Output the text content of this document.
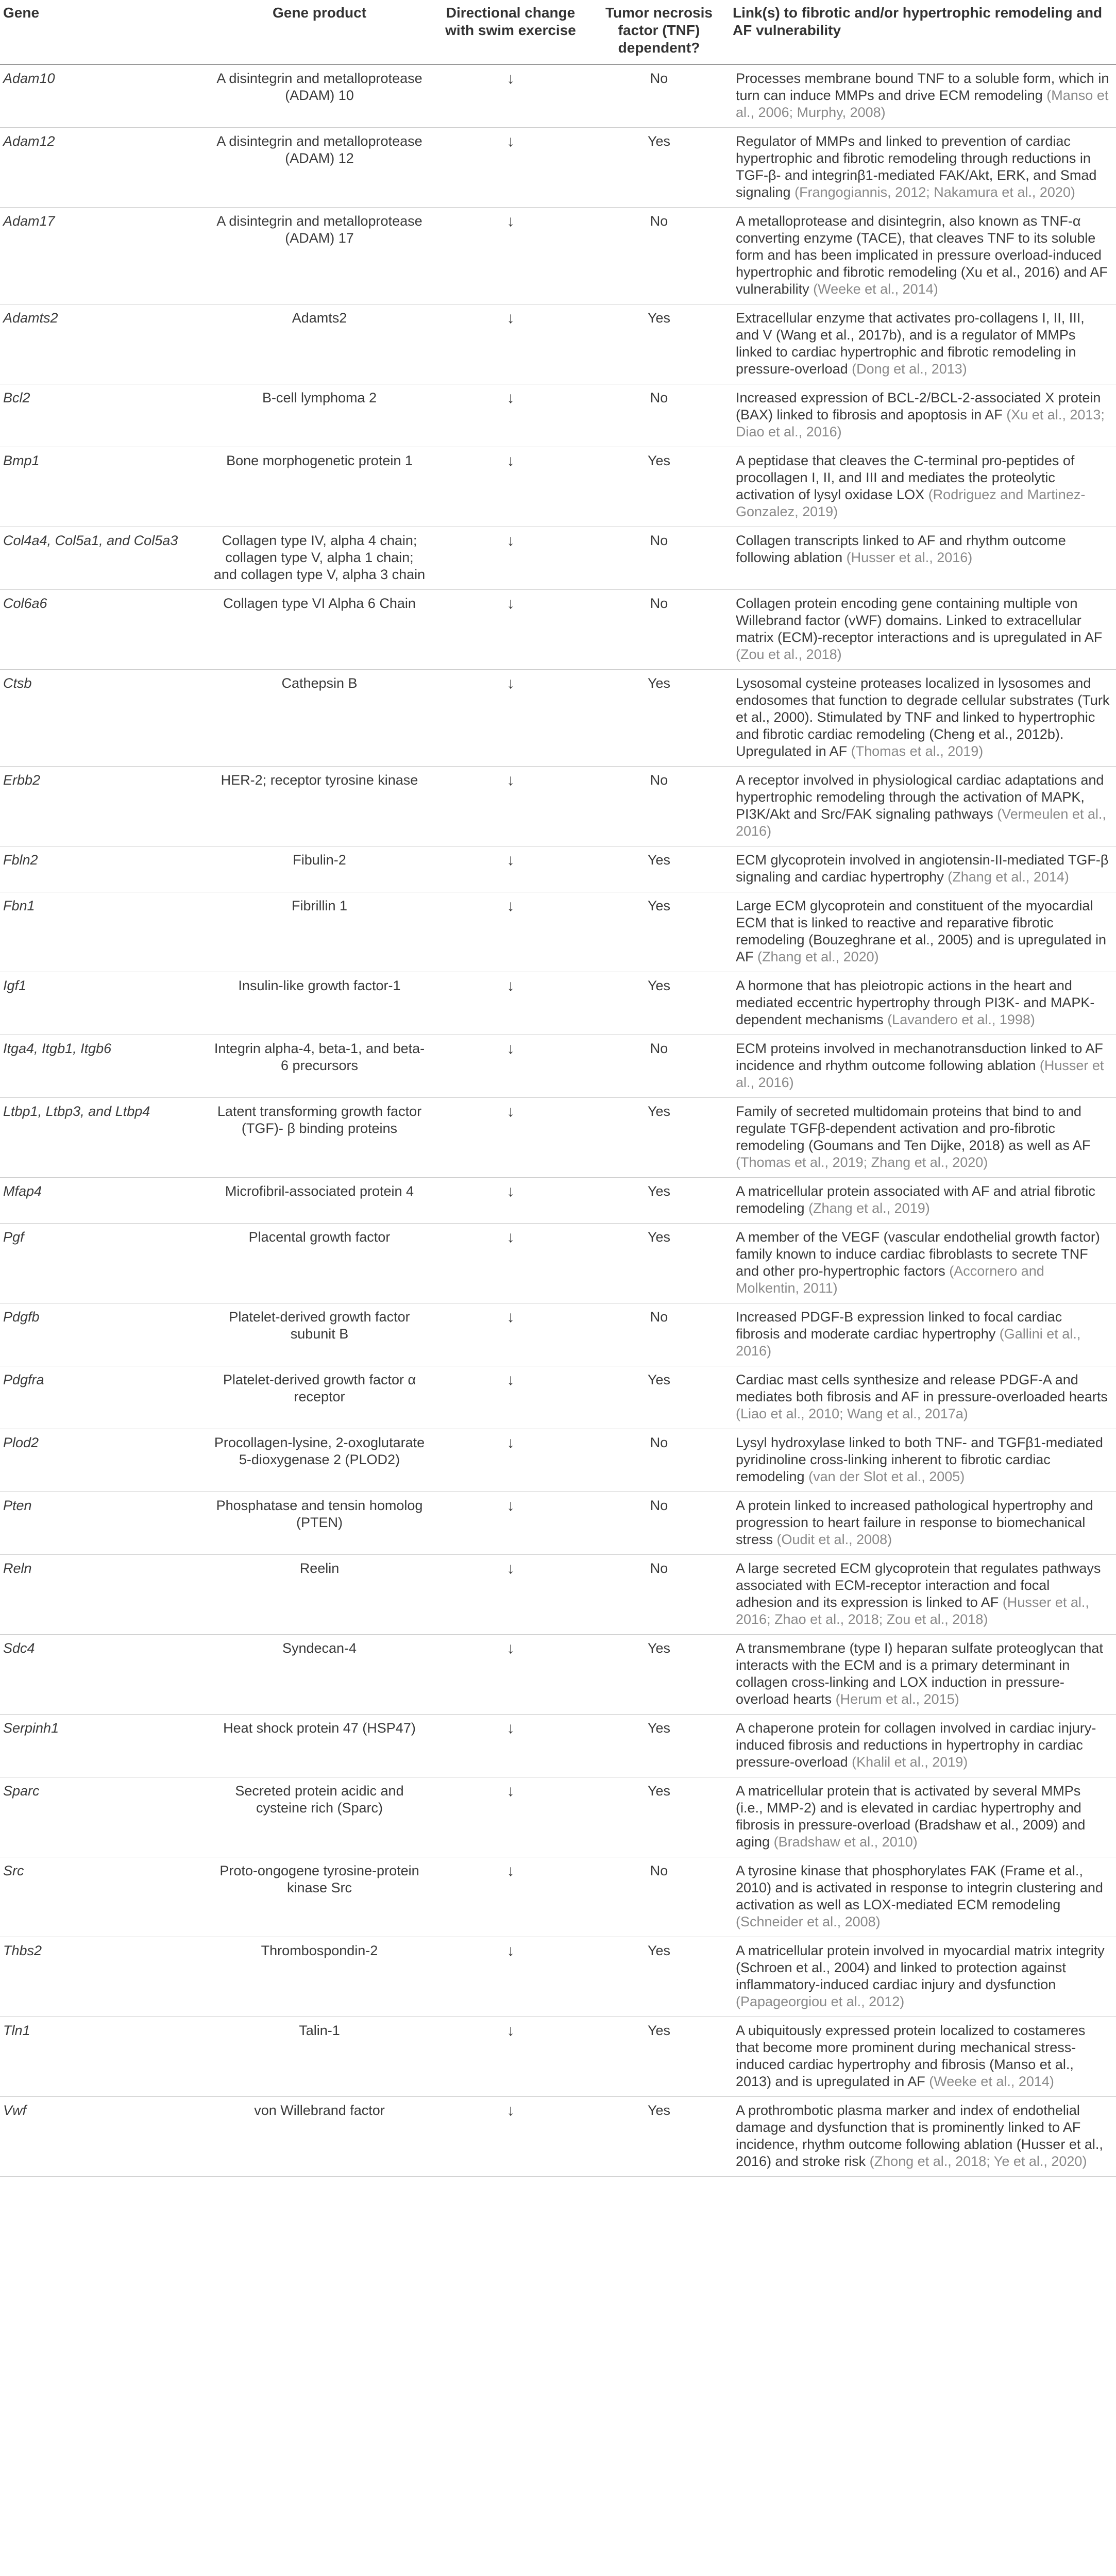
Gene	Gene product	Directional change with swim exercise	Tumor necrosis factor (TNF) dependent?	Link(s) to fibrotic and/or hypertrophic remodeling and AF vulnerability
Adam10	A disintegrin and metalloprotease (ADAM) 10	↓	No	Processes membrane bound TNF to a soluble form, which in turn can induce MMPs and drive ECM remodeling (Manso et al., 2006; Murphy, 2008)
Adam12	A disintegrin and metalloprotease (ADAM) 12	↓	Yes	Regulator of MMPs and linked to prevention of cardiac hypertrophic and fibrotic remodeling through reductions in TGF-β- and integrinβ1-mediated FAK/Akt, ERK, and Smad signaling (Frangogiannis, 2012; Nakamura et al., 2020)
Adam17	A disintegrin and metalloprotease (ADAM) 17	↓	No	A metalloprotease and disintegrin, also known as TNF-α converting enzyme (TACE), that cleaves TNF to its soluble form and has been implicated in pressure overload-induced hypertrophic and fibrotic remodeling (Xu et al., 2016) and AF vulnerability (Weeke et al., 2014)
Adamts2	Adamts2	↓	Yes	Extracellular enzyme that activates pro-collagens I, II, III, and V (Wang et al., 2017b), and is a regulator of MMPs linked to cardiac hypertrophic and fibrotic remodeling in pressure-overload (Dong et al., 2013)
Bcl2	B-cell lymphoma 2	↓	No	Increased expression of BCL-2/BCL-2-associated X protein (BAX) linked to fibrosis and apoptosis in AF (Xu et al., 2013; Diao et al., 2016)
Bmp1	Bone morphogenetic protein 1	↓	Yes	A peptidase that cleaves the C-terminal pro-peptides of procollagen I, II, and III and mediates the proteolytic activation of lysyl oxidase LOX (Rodriguez and Martinez-Gonzalez, 2019)
Col4a4, Col5a1, and Col5a3	Collagen type IV, alpha 4 chain; collagen type V, alpha 1 chain; and collagen type V, alpha 3 chain	↓	No	Collagen transcripts linked to AF and rhythm outcome following ablation (Husser et al., 2016)
Col6a6	Collagen type VI Alpha 6 Chain	↓	No	Collagen protein encoding gene containing multiple von Willebrand factor (vWF) domains. Linked to extracellular matrix (ECM)-receptor interactions and is upregulated in AF (Zou et al., 2018)
Ctsb	Cathepsin B	↓	Yes	Lysosomal cysteine proteases localized in lysosomes and endosomes that function to degrade cellular substrates (Turk et al., 2000). Stimulated by TNF and linked to hypertrophic and fibrotic cardiac remodeling (Cheng et al., 2012b). Upregulated in AF (Thomas et al., 2019)
Erbb2	HER-2; receptor tyrosine kinase	↓	No	A receptor involved in physiological cardiac adaptations and hypertrophic remodeling through the activation of MAPK, PI3K/Akt and Src/FAK signaling pathways (Vermeulen et al., 2016)
Fbln2	Fibulin-2	↓	Yes	ECM glycoprotein involved in angiotensin-II-mediated TGF-β signaling and cardiac hypertrophy (Zhang et al., 2014)
Fbn1	Fibrillin 1	↓	Yes	Large ECM glycoprotein and constituent of the myocardial ECM that is linked to reactive and reparative fibrotic remodeling (Bouzeghrane et al., 2005) and is upregulated in AF (Zhang et al., 2020)
Igf1	Insulin-like growth factor-1	↓	Yes	A hormone that has pleiotropic actions in the heart and mediated eccentric hypertrophy through PI3K- and MAPK-dependent mechanisms (Lavandero et al., 1998)
Itga4, Itgb1, Itgb6	Integrin alpha-4, beta-1, and beta-6 precursors	↓	No	ECM proteins involved in mechanotransduction linked to AF incidence and rhythm outcome following ablation (Husser et al., 2016)
Ltbp1, Ltbp3, and Ltbp4	Latent transforming growth factor (TGF)- β binding proteins	↓	Yes	Family of secreted multidomain proteins that bind to and regulate TGFβ-dependent activation and pro-fibrotic remodeling (Goumans and Ten Dijke, 2018) as well as AF (Thomas et al., 2019; Zhang et al., 2020)
Mfap4	Microfibril-associated protein 4	↓	Yes	A matricellular protein associated with AF and atrial fibrotic remodeling (Zhang et al., 2019)
Pgf	Placental growth factor	↓	Yes	A member of the VEGF (vascular endothelial growth factor) family known to induce cardiac fibroblasts to secrete TNF and other pro-hypertrophic factors (Accornero and Molkentin, 2011)
Pdgfb	Platelet-derived growth factor subunit B	↓	No	Increased PDGF-B expression linked to focal cardiac fibrosis and moderate cardiac hypertrophy (Gallini et al., 2016)
Pdgfra	Platelet-derived growth factor α receptor	↓	Yes	Cardiac mast cells synthesize and release PDGF-A and mediates both fibrosis and AF in pressure-overloaded hearts (Liao et al., 2010; Wang et al., 2017a)
Plod2	Procollagen-lysine, 2-oxoglutarate 5-dioxygenase 2 (PLOD2)	↓	No	Lysyl hydroxylase linked to both TNF- and TGFβ1-mediated pyridinoline cross-linking inherent to fibrotic cardiac remodeling (van der Slot et al., 2005)
Pten	Phosphatase and tensin homolog (PTEN)	↓	No	A protein linked to increased pathological hypertrophy and progression to heart failure in response to biomechanical stress (Oudit et al., 2008)
Reln	Reelin	↓	No	A large secreted ECM glycoprotein that regulates pathways associated with ECM-receptor interaction and focal adhesion and its expression is linked to AF (Husser et al., 2016; Zhao et al., 2018; Zou et al., 2018)
Sdc4	Syndecan-4	↓	Yes	A transmembrane (type I) heparan sulfate proteoglycan that interacts with the ECM and is a primary determinant in collagen cross-linking and LOX induction in pressure-overload hearts (Herum et al., 2015)
Serpinh1	Heat shock protein 47 (HSP47)	↓	Yes	A chaperone protein for collagen involved in cardiac injury-induced fibrosis and reductions in hypertrophy in cardiac pressure-overload (Khalil et al., 2019)
Sparc	Secreted protein acidic and cysteine rich (Sparc)	↓	Yes	A matricellular protein that is activated by several MMPs (i.e., MMP-2) and is elevated in cardiac hypertrophy and fibrosis in pressure-overload (Bradshaw et al., 2009) and aging (Bradshaw et al., 2010)
Src	Proto-ongogene tyrosine-protein kinase Src	↓	No	A tyrosine kinase that phosphorylates FAK (Frame et al., 2010) and is activated in response to integrin clustering and activation as well as LOX-mediated ECM remodeling (Schneider et al., 2008)
Thbs2	Thrombospondin-2	↓	Yes	A matricellular protein involved in myocardial matrix integrity (Schroen et al., 2004) and linked to protection against inflammatory-induced cardiac injury and dysfunction (Papageorgiou et al., 2012)
Tln1	Talin-1	↓	Yes	A ubiquitously expressed protein localized to costameres that become more prominent during mechanical stress-induced cardiac hypertrophy and fibrosis (Manso et al., 2013) and is upregulated in AF (Weeke et al., 2014)
Vwf	von Willebrand factor	↓	Yes	A prothrombotic plasma marker and index of endothelial damage and dysfunction that is prominently linked to AF incidence, rhythm outcome following ablation (Husser et al., 2016) and stroke risk (Zhong et al., 2018; Ye et al., 2020)
